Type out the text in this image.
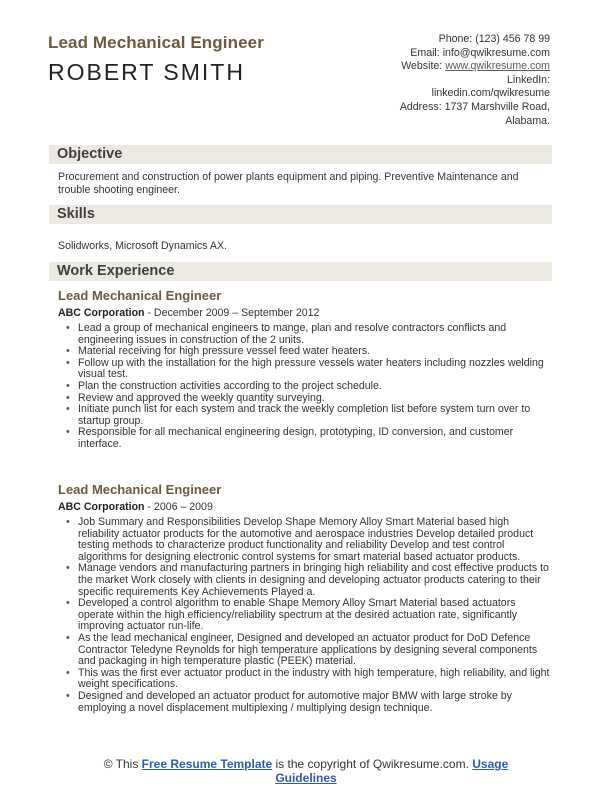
Lead Mechanical Engineer
ROBERT SMITH
Phone: (123) 456 78 99
Email: info@qwikresume.com
Website: www.qwikresume.com
LinkedIn:
linkedin.com/qwikresume
Address: 1737 Marshville Road,
Alabama.
Objective
Procurement and construction of power plants equipment and piping. Preventive Maintenance and trouble shooting engineer.
Skills
Solidworks, Microsoft Dynamics AX.
Work Experience
Lead Mechanical Engineer
ABC Corporation - December 2009 – September 2012
• Lead a group of mechanical engineers to mange, plan and resolve contractors conflicts and engineering issues in construction of the 2 units.
• Material receiving for high pressure vessel feed water heaters.
• Follow up with the installation for the high pressure vessels water heaters including nozzles welding visual test.
• Plan the construction activities according to the project schedule.
• Review and approved the weekly quantity surveying.
• Initiate punch list for each system and track the weekly completion list before system turn over to startup group.
• Responsible for all mechanical engineering design, prototyping, ID conversion, and customer interface.
Lead Mechanical Engineer
ABC Corporation - 2006 – 2009
• Job Summary and Responsibilities Develop Shape Memory Alloy Smart Material based high reliability actuator products for the automotive and aerospace industries Develop detailed product testing methods to characterize product functionality and reliability Develop and test control algorithms for designing electronic control systems for smart material based actuator products.
• Manage vendors and manufacturing partners in bringing high reliability and cost effective products to the market Work closely with clients in designing and developing actuator products catering to their specific requirements Key Achievements Played a.
• Developed a control algorithm to enable Shape Memory Alloy Smart Material based actuators operate within the high efficiency/reliability spectrum at the desired actuation rate, significantly improving actuator run-life.
• As the lead mechanical engineer, Designed and developed an actuator product for DoD Defence Contractor Teledyne Reynolds for high temperature applications by designing several components and packaging in high temperature plastic (PEEK) material.
• This was the first ever actuator product in the industry with high temperature, high reliability, and light weight specifications.
• Designed and developed an actuator product for automotive major BMW with large stroke by employing a novel displacement multiplexing / multiplying design technique.
© This Free Resume Template is the copyright of Qwikresume.com. Usage
Guidelines
